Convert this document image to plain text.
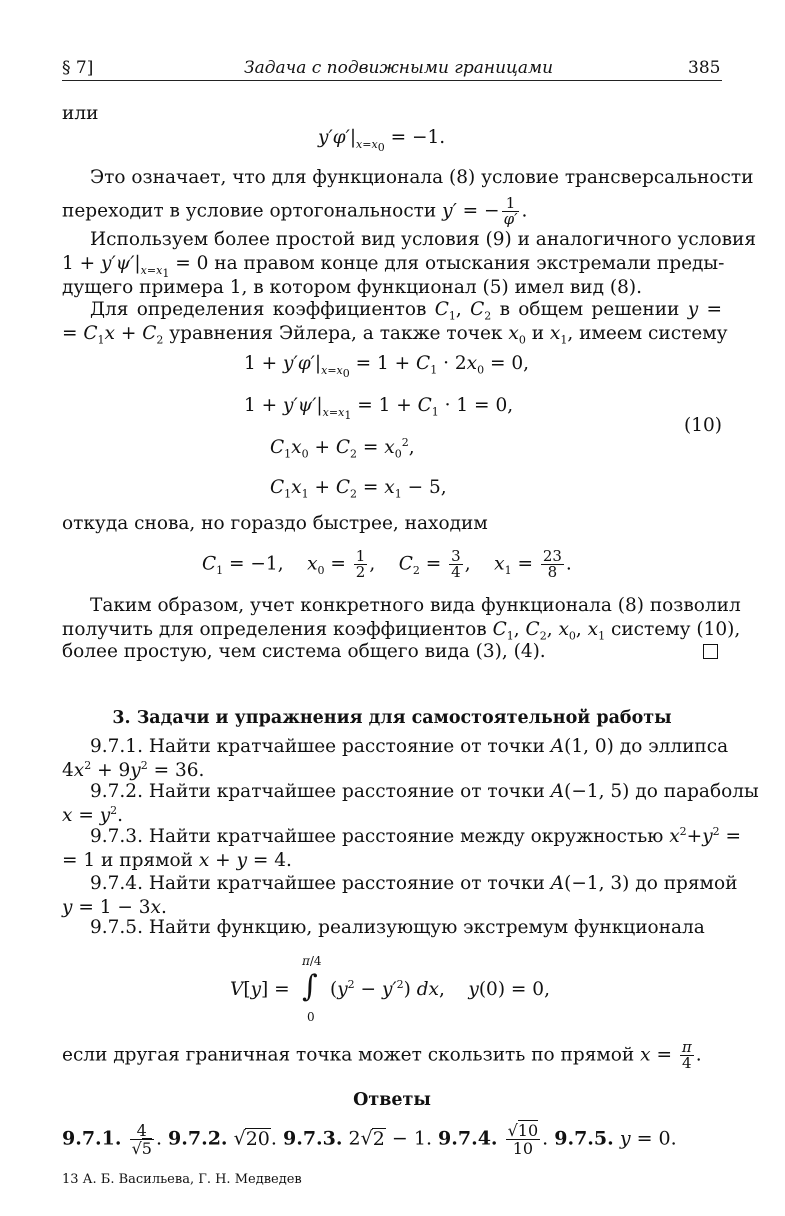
§ 7]	Задача с подвижными границами	385
или
$y'\varphi'|_{x=x_0} = -1$.
Это означает, что для функционала (8) условие трансверсальности
переходит в условие ортогональности y′ = − $\frac{1}{\varphi'}$ .
Используем более простой вид условия (9) и аналогичного условия
$1 + y'\psi'|_{x=x_1} = 0$ на правом конце для отыскания экстремали преды-
дущего примера 1, в котором функционал (5) имел вид (8).
Для определения коэффициентов $C_1$, $C_2$ в общем решении y =
= $C_1x + C_2$ уравнения Эйлера, а также точек $x_0$ и $x_1$, имеем систему
$1 + y'\varphi'|_{x=x_0} = 1 + C_1 \cdot 2x_0 = 0$,
$1 + y'\psi'|_{x=x_1} = 1 + C_1 \cdot 1 = 0$,
$C_1x_0 + C_2 = x_0^2$,
$C_1x_1 + C_2 = x_1 - 5$,
(10)
откуда снова, но гораздо быстрее, находим
$C_1 = -1$,    $x_0 = \frac{1}{2}$ ,    $C_2 = \frac{3}{4}$ ,    $x_1 = \frac{23}{8}$ .
Таким образом, учет конкретного вида функционала (8) позволил
получить для определения коэффициентов $C_1$, $C_2$, $x_0$, $x_1$ систему (10),
более простую, чем система общего вида (3), (4).
3. Задачи и упражнения для самостоятельной работы
9.7.1. Найти кратчайшее расстояние от точки A(1, 0) до эллипса
$4x^2 + 9y^2 = 36$.
9.7.2. Найти кратчайшее расстояние от точки A(−1, 5) до параболы
$x = y^2$.
9.7.3. Найти кратчайшее расстояние между окружностью $x^2+y^2$ =
= 1 и прямой x + y = 4.
9.7.4. Найти кратчайшее расстояние от точки A(−1, 3) до прямой
y = 1 − 3x.
9.7.5. Найти функцию, реализующую экстремум функционала
π/4
∫
0
$V[y] = (y^2 - y'^2)$ dx,    y(0) = 0,
если другая граничная точка может скользить по прямой $x = \frac{\pi}{4}$ .
Ответы
9.7.1. $\frac{4}{√5}$ . 9.7.2. √20. 9.7.3. 2√2 − 1. 9.7.4. $\frac{√10}{10}$ . 9.7.5. y = 0.
13 А. Б. Васильева, Г. Н. Медведев
